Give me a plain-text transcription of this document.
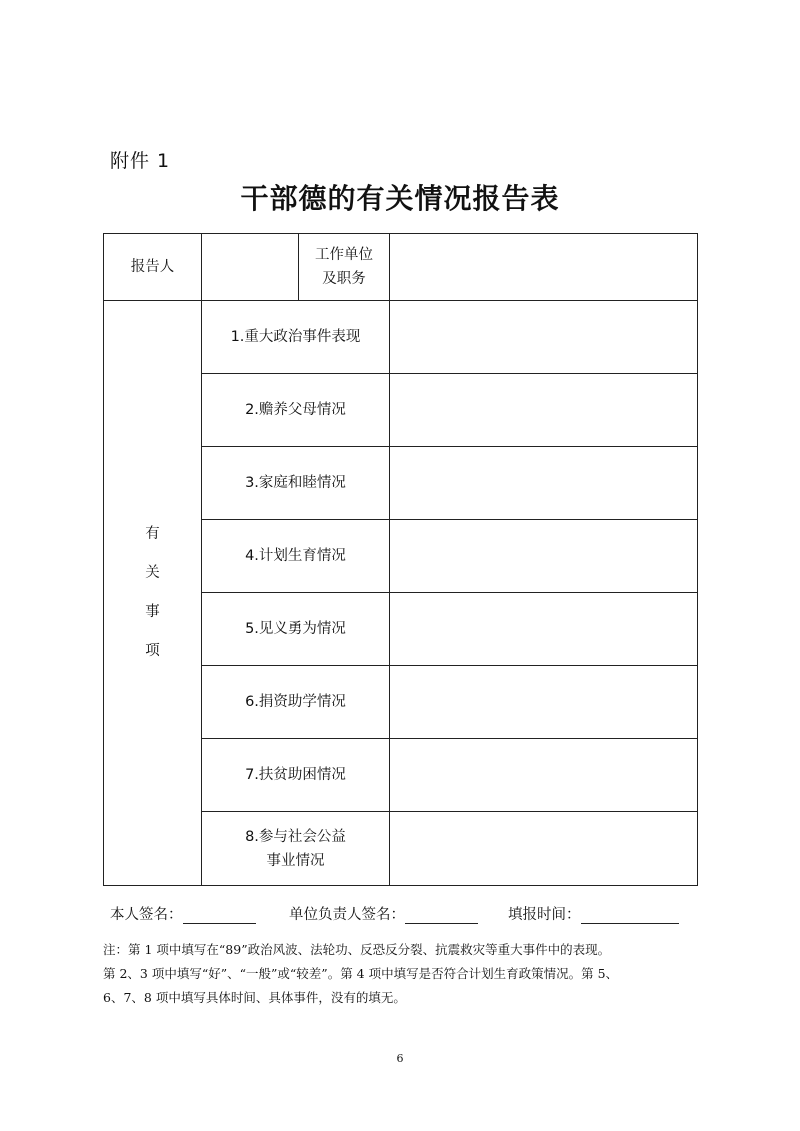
附件 1
干部德的有关情况报告表
报告人		工作单位
及职务	

有
关
事
项	1.重大政治事件表现		

	2.赡养父母情况		

	3.家庭和睦情况		

	4.计划生育情况		

	5.见义勇为情况		

	6.捐资助学情况		

	7.扶贫助困情况		

	8.参与社会公益
事业情况		

本人签名：	单位负责人签名：	填报时间：

注：第 1 项中填写在“89”政治风波、法轮功、反恐反分裂、抗震救灾等重大事件中的表现。

第 2、3 项中填写“好”、“一般”或“较差”。第 4 项中填写是否符合计划生育政策情况。第 5、

6、7、8 项中填写具体时间、具体事件，没有的填无。

6
